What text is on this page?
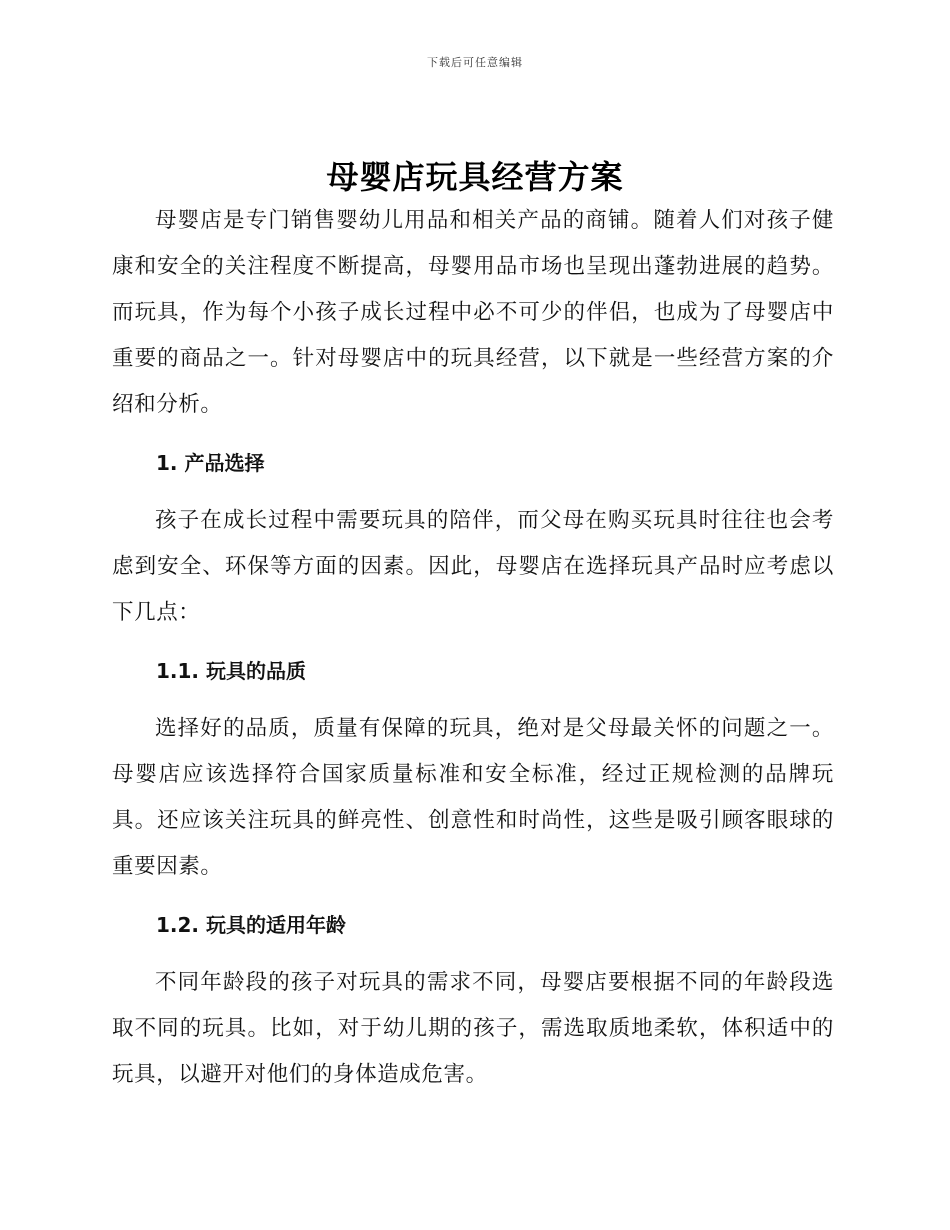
下载后可任意编辑
母婴店玩具经营方案

母婴店是专门销售婴幼儿用品和相关产品的商铺。随着人们对孩子健康和安全的关注程度不断提高，母婴用品市场也呈现出蓬勃进展的趋势。而玩具，作为每个小孩子成长过程中必不可少的伴侣，也成为了母婴店中重要的商品之一。针对母婴店中的玩具经营，以下就是一些经营方案的介绍和分析。

1. 产品选择

孩子在成长过程中需要玩具的陪伴，而父母在购买玩具时往往也会考虑到安全、环保等方面的因素。因此，母婴店在选择玩具产品时应考虑以下几点：

1.1. 玩具的品质

选择好的品质，质量有保障的玩具，绝对是父母最关怀的问题之一。母婴店应该选择符合国家质量标准和安全标准，经过正规检测的品牌玩具。还应该关注玩具的鲜亮性、创意性和时尚性，这些是吸引顾客眼球的重要因素。

1.2. 玩具的适用年龄

不同年龄段的孩子对玩具的需求不同，母婴店要根据不同的年龄段选取不同的玩具。比如，对于幼儿期的孩子，需选取质地柔软，体积适中的玩具，以避开对他们的身体造成危害。
